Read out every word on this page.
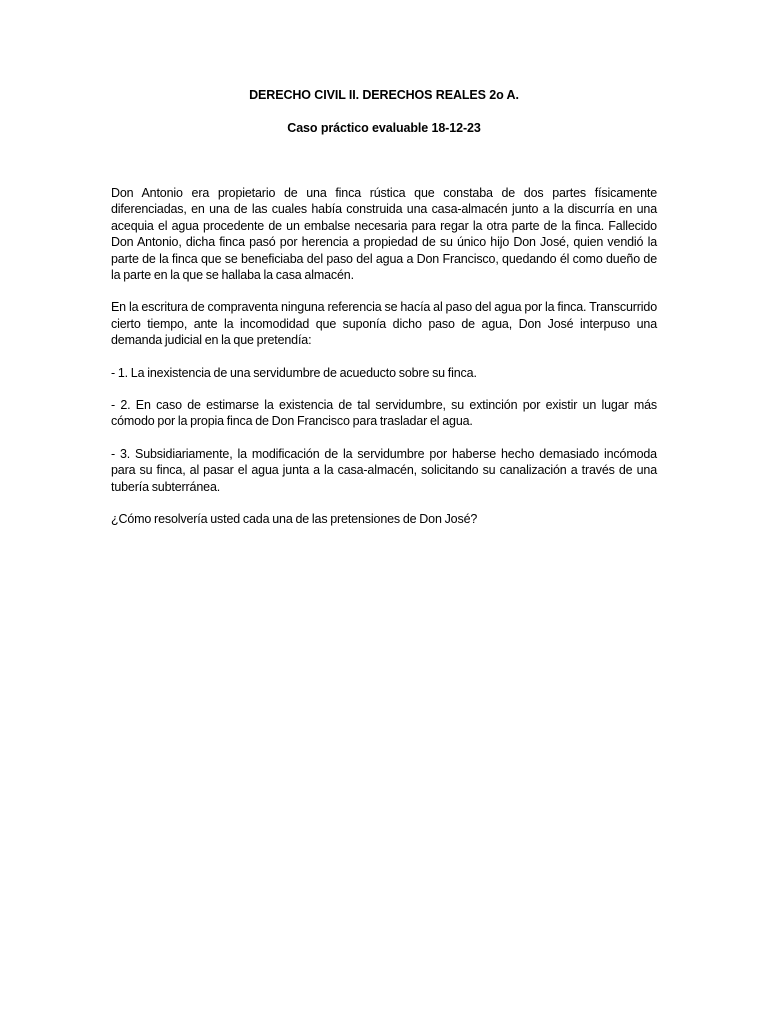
DERECHO CIVIL II. DERECHOS REALES 2o A.
Caso práctico evaluable 18-12-23

Don Antonio era propietario de una finca rústica que constaba de dos partes físicamente diferenciadas, en una de las cuales había construida una casa-almacén junto a la discurría en una acequia el agua procedente de un embalse necesaria para regar la otra parte de la finca. Fallecido Don Antonio, dicha finca pasó por herencia a propiedad de su único hijo Don José, quien vendió la parte de la finca que se beneficiaba del paso del agua a Don Francisco, quedando él como dueño de la parte en la que se hallaba la casa almacén.

En la escritura de compraventa ninguna referencia se hacía al paso del agua por la finca. Transcurrido cierto tiempo, ante la incomodidad que suponía dicho paso de agua, Don José interpuso una demanda judicial en la que pretendía:

- 1. La inexistencia de una servidumbre de acueducto sobre su finca.

- 2. En caso de estimarse la existencia de tal servidumbre, su extinción por existir un lugar más cómodo por la propia finca de Don Francisco para trasladar el agua.

- 3. Subsidiariamente, la modificación de la servidumbre por haberse hecho demasiado incómoda para su finca, al pasar el agua junta a la casa-almacén, solicitando su canalización a través de una tubería subterránea.

¿Cómo resolvería usted cada una de las pretensiones de Don José?
